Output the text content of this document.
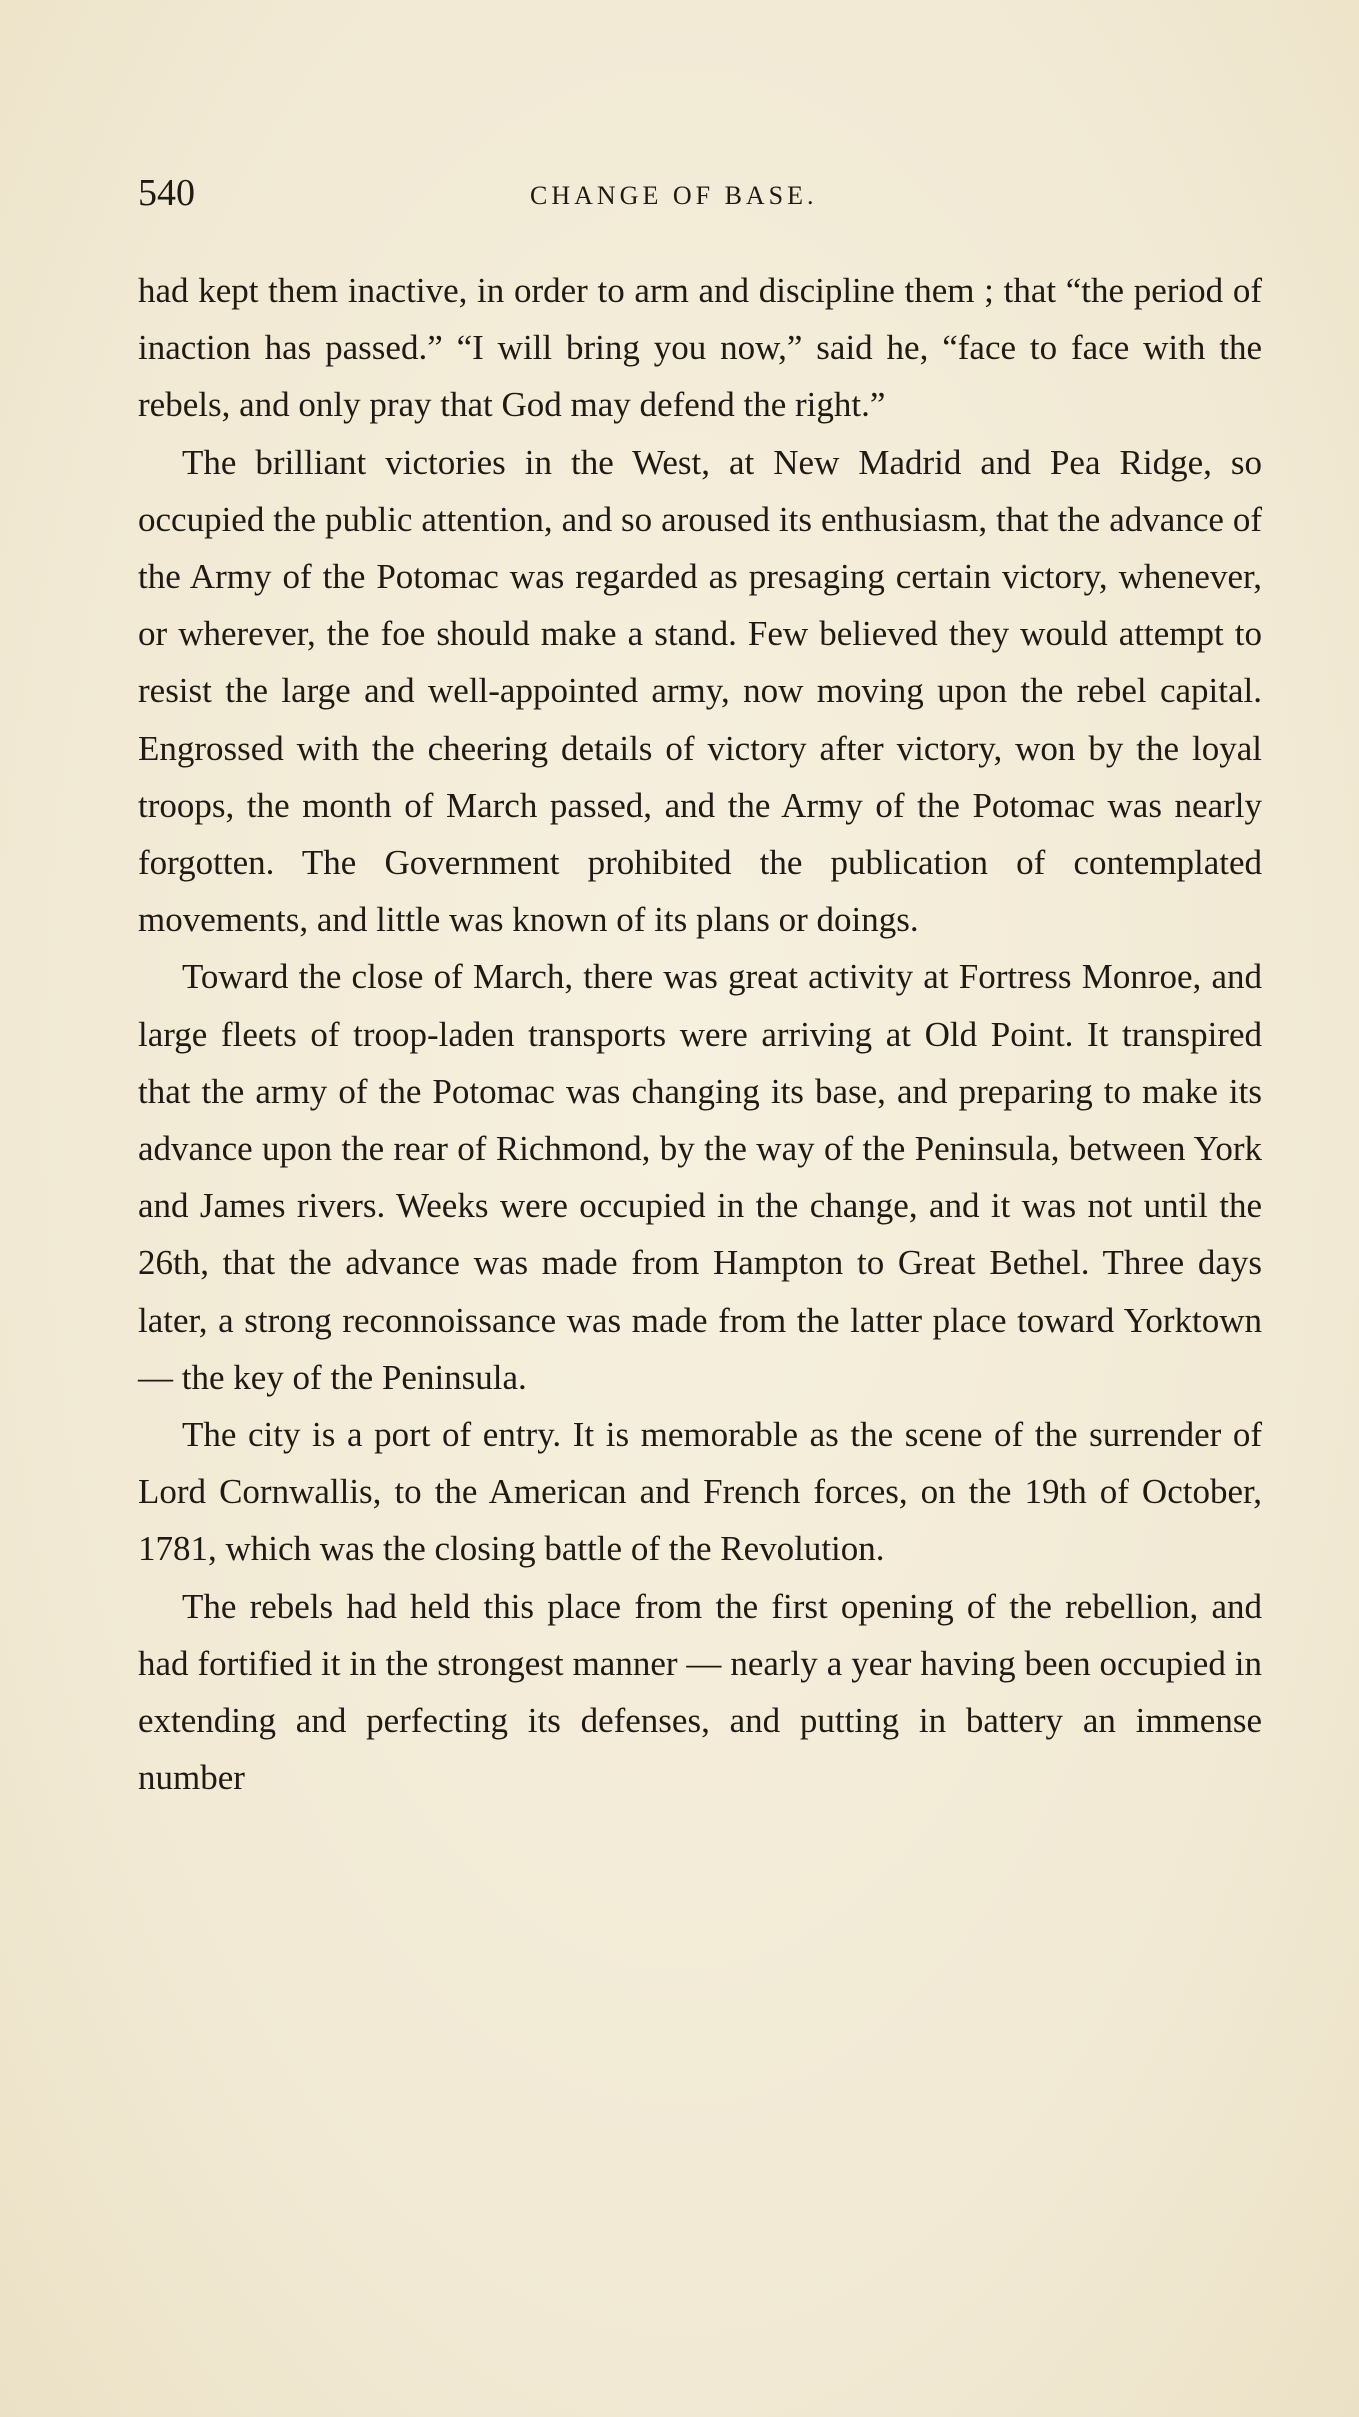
540	CHANGE OF BASE.

had kept them inactive, in order to arm and discipline them ; that “the period of inaction has passed.” “I will bring you now,” said he, “face to face with the rebels, and only pray that God may defend the right.”

The brilliant victories in the West, at New Madrid and Pea Ridge, so occupied the public attention, and so aroused its enthusiasm, that the advance of the Army of the Potomac was regarded as presaging certain victory, whenever, or wherever, the foe should make a stand. Few believed they would attempt to resist the large and well-appointed army, now moving upon the rebel capital. Engrossed with the cheering details of victory after victory, won by the loyal troops, the month of March passed, and the Army of the Potomac was nearly forgotten. The Government prohibited the publication of contemplated movements, and little was known of its plans or doings.

Toward the close of March, there was great activity at Fortress Monroe, and large fleets of troop-laden transports were arriving at Old Point. It transpired that the army of the Potomac was changing its base, and preparing to make its advance upon the rear of Richmond, by the way of the Peninsula, between York and James rivers. Weeks were occupied in the change, and it was not until the 26th, that the advance was made from Hampton to Great Bethel. Three days later, a strong reconnoissance was made from the latter place toward Yorktown — the key of the Peninsula.

The city is a port of entry. It is memorable as the scene of the surrender of Lord Cornwallis, to the American and French forces, on the 19th of October, 1781, which was the closing battle of the Revolution.

The rebels had held this place from the first opening of the rebellion, and had fortified it in the strongest manner — nearly a year having been occupied in extending and perfecting its defenses, and putting in battery an immense number
